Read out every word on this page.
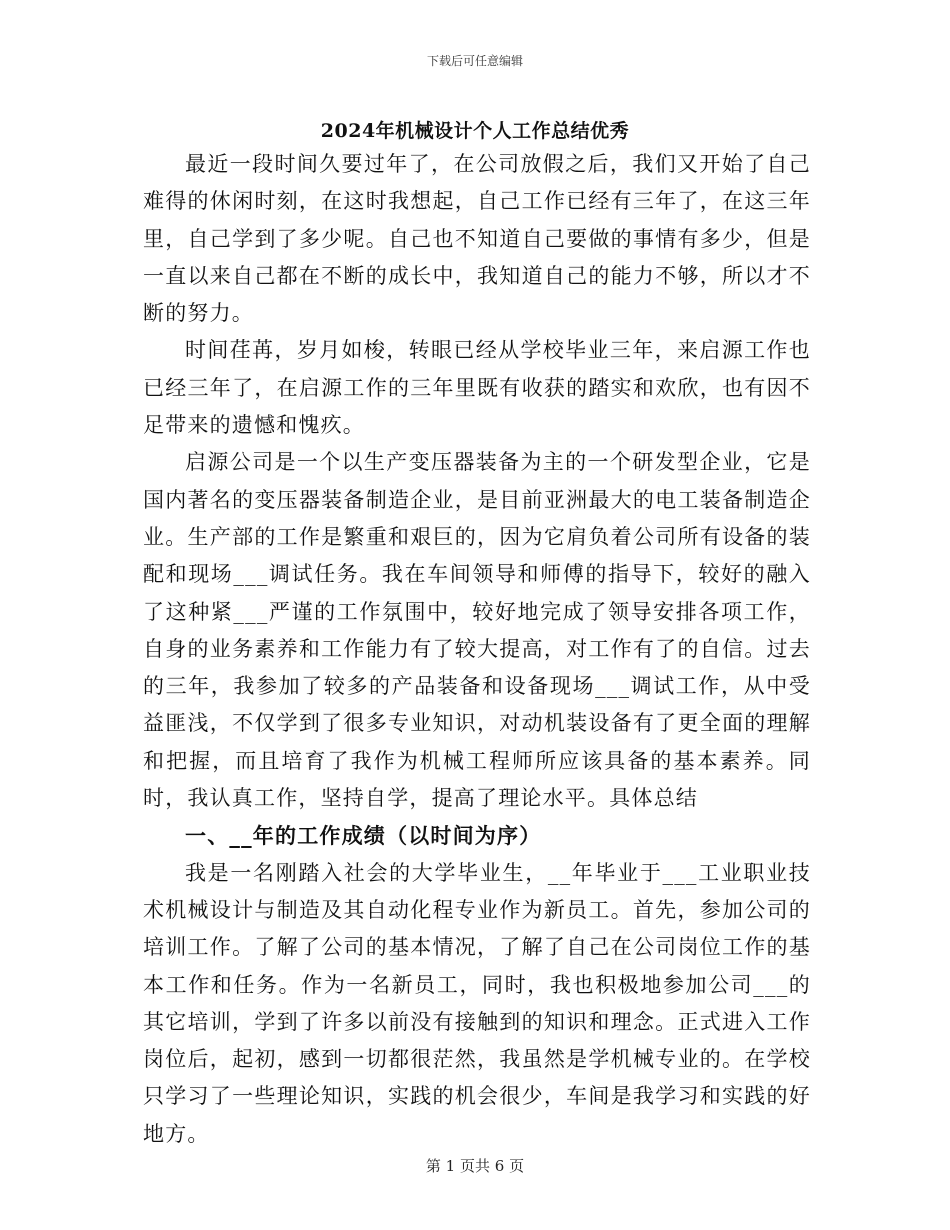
下载后可任意编辑
2024年机械设计个人工作总结优秀

最近一段时间久要过年了，在公司放假之后，我们又开始了自己难得的休闲时刻，在这时我想起，自己工作已经有三年了，在这三年里，自己学到了多少呢。自己也不知道自己要做的事情有多少，但是一直以来自己都在不断的成长中，我知道自己的能力不够，所以才不断的努力。

时间荏苒，岁月如梭，转眼已经从学校毕业三年，来启源工作也已经三年了，在启源工作的三年里既有收获的踏实和欢欣，也有因不足带来的遗憾和愧疚。

启源公司是一个以生产变压器装备为主的一个研发型企业，它是国内著名的变压器装备制造企业，是目前亚洲最大的电工装备制造企业。生产部的工作是繁重和艰巨的，因为它肩负着公司所有设备的装配和现场___调试任务。我在车间领导和师傅的指导下，较好的融入了这种紧___严谨的工作氛围中，较好地完成了领导安排各项工作，自身的业务素养和工作能力有了较大提高，对工作有了的自信。过去的三年，我参加了较多的产品装备和设备现场___调试工作，从中受益匪浅，不仅学到了很多专业知识，对动机装设备有了更全面的理解和把握，而且培育了我作为机械工程师所应该具备的基本素养。同时，我认真工作，坚持自学，提高了理论水平。具体总结

一、__年的工作成绩（以时间为序）

我是一名刚踏入社会的大学毕业生，__年毕业于___工业职业技术机械设计与制造及其自动化程专业作为新员工。首先，参加公司的培训工作。了解了公司的基本情况，了解了自己在公司岗位工作的基本工作和任务。作为一名新员工，同时，我也积极地参加公司___的其它培训，学到了许多以前没有接触到的知识和理念。正式进入工作岗位后，起初，感到一切都很茫然，我虽然是学机械专业的。在学校只学习了一些理论知识，实践的机会很少，车间是我学习和实践的好地方。

第 1 页共 6 页
